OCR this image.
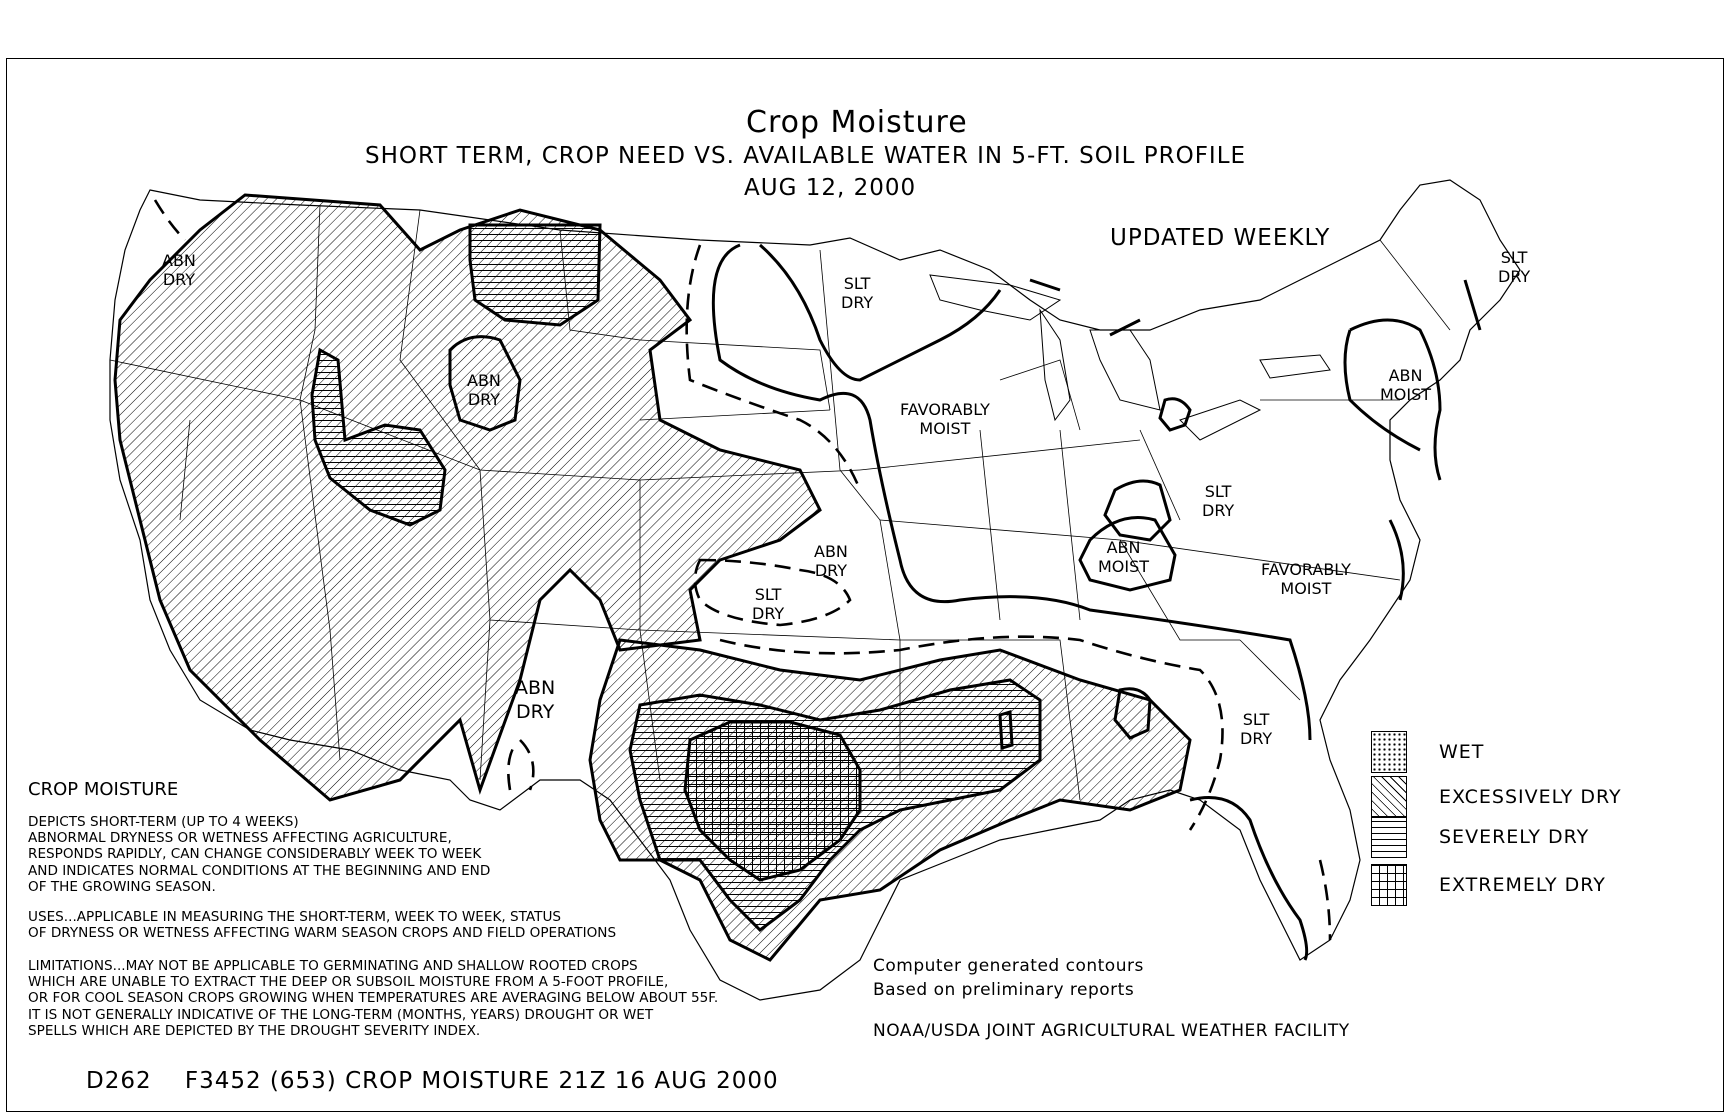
Crop Moisture
SHORT TERM, CROP NEED VS. AVAILABLE WATER IN 5-FT. SOIL PROFILE
AUG 12, 2000
UPDATED WEEKLY
ABN
DRY
ABN
DRY
ABN
DRY
ABN
DRY
SLT
DRY
SLT
DRY
FAVORABLY
MOIST
SLT
DRY
ABN
MOIST	FAVORABLY
MOIST
ABN
MOIST
SLT
DRY
SLT
DRY
WET
EXCESSIVELY DRY
SEVERELY DRY
EXTREMELY DRY
CROP MOISTURE
DEPICTS SHORT-TERM (UP TO 4 WEEKS)
ABNORMAL DRYNESS OR WETNESS AFFECTING AGRICULTURE,
RESPONDS RAPIDLY, CAN CHANGE CONSIDERABLY WEEK TO WEEK
AND INDICATES NORMAL CONDITIONS AT THE BEGINNING AND END
OF THE GROWING SEASON.
USES...APPLICABLE IN MEASURING THE SHORT-TERM, WEEK TO WEEK, STATUS
OF DRYNESS OR WETNESS AFFECTING WARM SEASON CROPS AND FIELD OPERATIONS
LIMITATIONS...MAY NOT BE APPLICABLE TO GERMINATING AND SHALLOW ROOTED CROPS
WHICH ARE UNABLE TO EXTRACT THE DEEP OR SUBSOIL MOISTURE FROM A 5-FOOT PROFILE,
OR FOR COOL SEASON CROPS GROWING WHEN TEMPERATURES ARE AVERAGING BELOW ABOUT 55F.
IT IS NOT GENERALLY INDICATIVE OF THE LONG-TERM (MONTHS, YEARS) DROUGHT OR WET
SPELLS WHICH ARE DEPICTED BY THE DROUGHT SEVERITY INDEX.
Computer generated contours
Based on preliminary reports
NOAA/USDA JOINT AGRICULTURAL WEATHER FACILITY
D262    F3452 (653) CROP MOISTURE 21Z 16 AUG 2000
